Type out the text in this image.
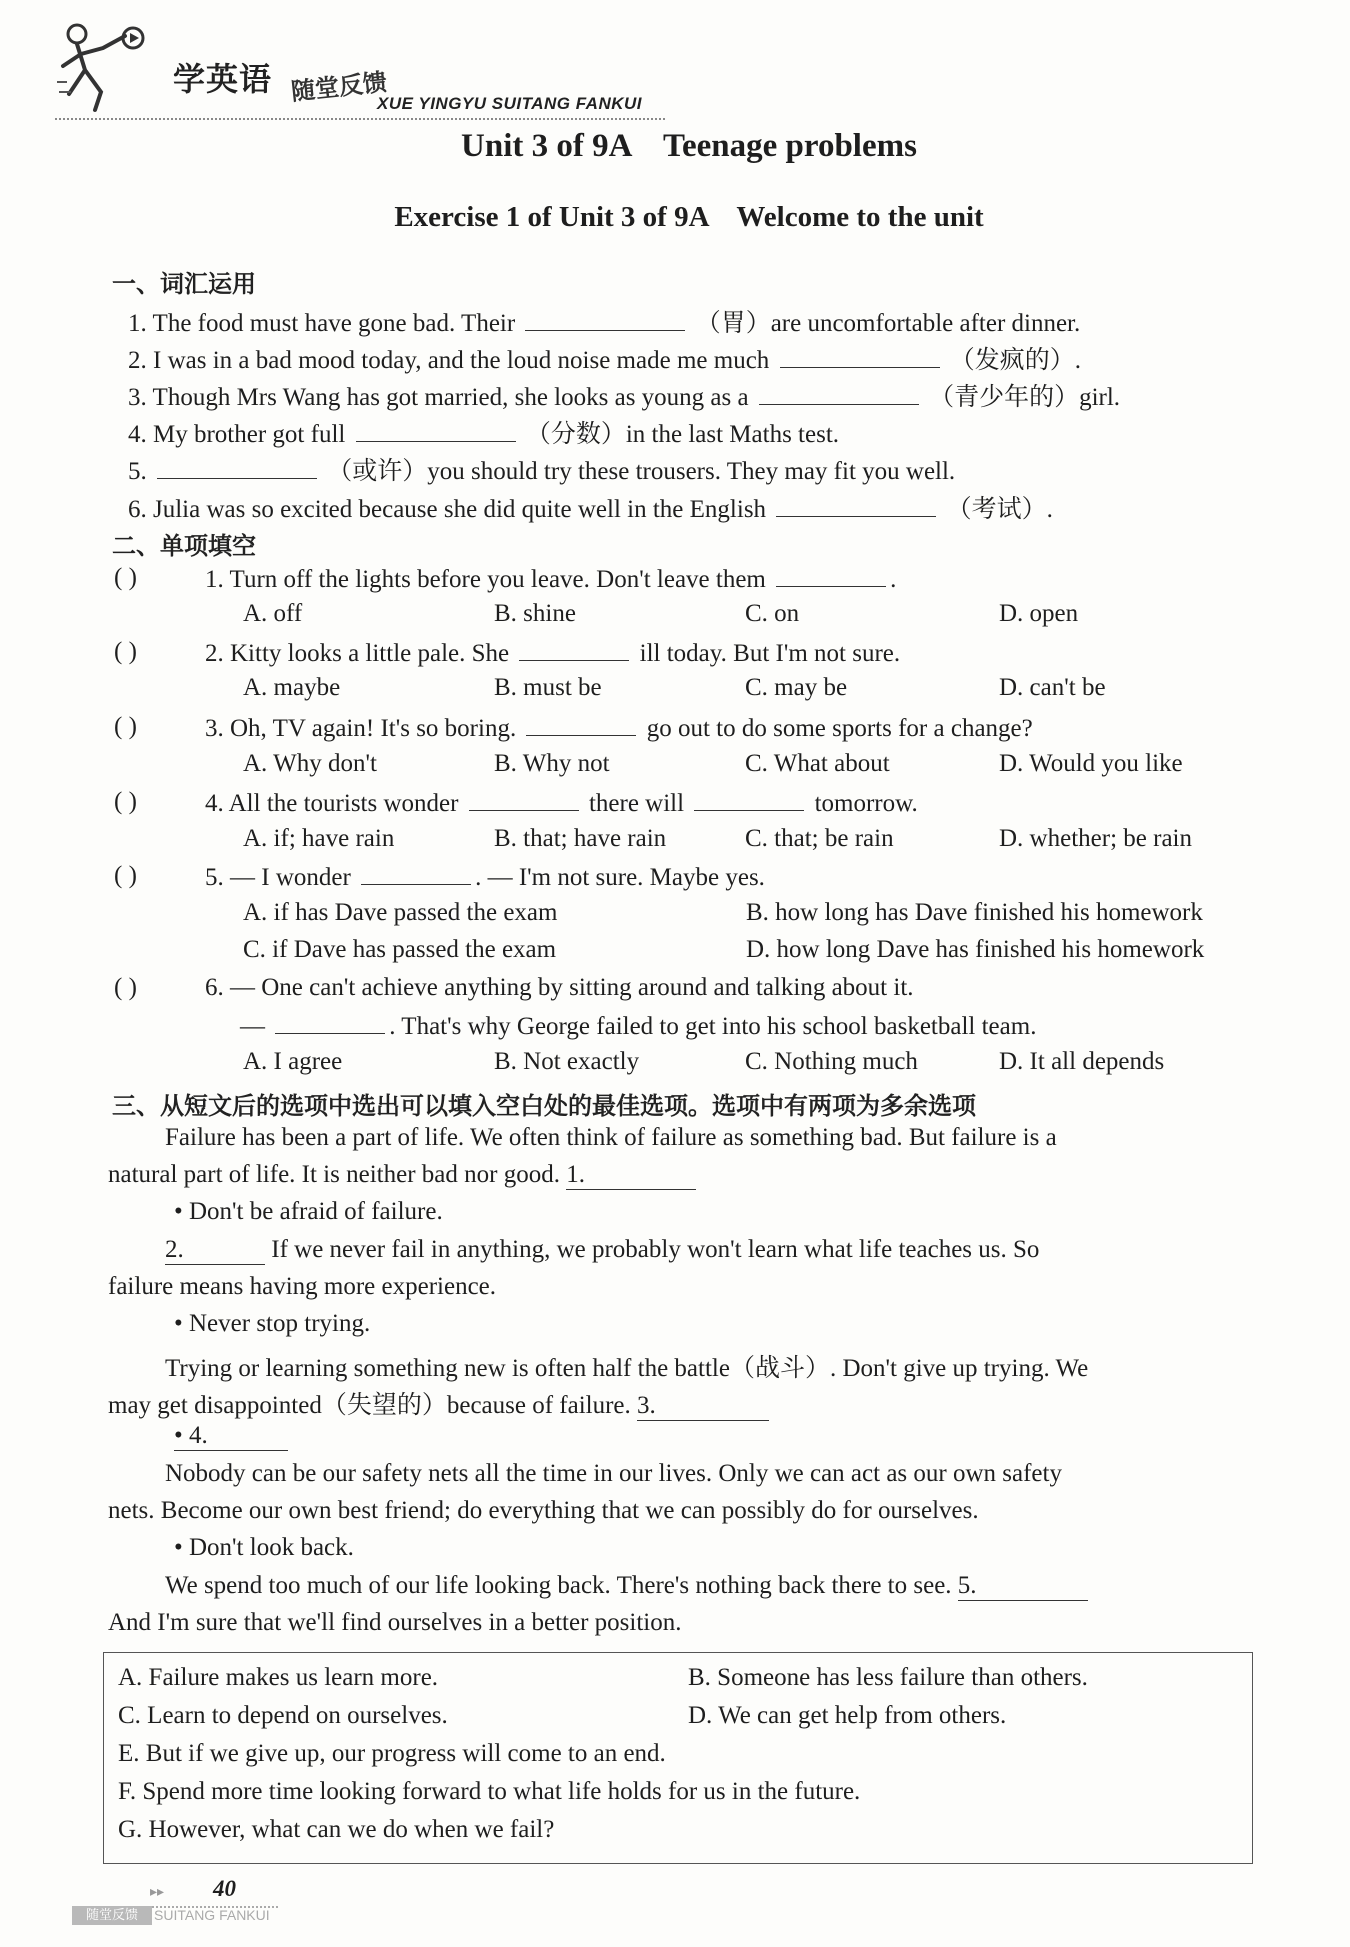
学英语 随堂反馈
XUE YINGYU SUITANG FANKUI
Unit 3 of 9A    Teenage problems
Exercise 1 of Unit 3 of 9A    Welcome to the unit
一、词汇运用
1. The food must have gone bad. Their	（胃）are uncomfortable after dinner.
2. I was in a bad mood today, and the loud noise made me much	（发疯的）.
3. Though Mrs Wang has got married, she looks as young as a	（青少年的）girl.
4. My brother got full	（分数）in the last Maths test.
5.	（或许）you should try these trousers. They may fit you well.
6. Julia was so excited because she did quite well in the English	（考试）.
二、单项填空
( )	1. Turn off the lights before you leave. Don't leave them	.
A. off	B. shine	C. on	D. open
( )	2. Kitty looks a little pale. She	ill today. But I'm not sure.
A. maybe	B. must be	C. may be	D. can't be
( )	3. Oh, TV again! It's so boring.	go out to do some sports for a change?
A. Why don't	B. Why not	C. What about	D. Would you like
( )	4. All the tourists wonder	there will	tomorrow.
A. if; have rain	B. that; have rain	C. that; be rain	D. whether; be rain
( )	5. — I wonder	. — I'm not sure. Maybe yes.
A. if has Dave passed the exam	B. how long has Dave finished his homework
C. if Dave has passed the exam	D. how long Dave has finished his homework
( )	6. — One can't achieve anything by sitting around and talking about it.
—	. That's why George failed to get into his school basketball team.
A. I agree	B. Not exactly	C. Nothing much	D. It all depends
三、从短文后的选项中选出可以填入空白处的最佳选项。选项中有两项为多余选项
Failure has been a part of life. We often think of failure as something bad. But failure is a
natural part of life. It is neither bad nor good. 1.
• Don't be afraid of failure.
2.	If we never fail in anything, we probably won't learn what life teaches us. So
failure means having more experience.
• Never stop trying.
Trying or learning something new is often half the battle（战斗）. Don't give up trying. We
may get disappointed（失望的）because of failure. 3.
• 4.
Nobody can be our safety nets all the time in our lives. Only we can act as our own safety
nets. Become our own best friend; do everything that we can possibly do for ourselves.
• Don't look back.
We spend too much of our life looking back. There's nothing back there to see. 5.
And I'm sure that we'll find ourselves in a better position.
A. Failure makes us learn more.	B. Someone has less failure than others.
C. Learn to depend on ourselves.	D. We can get help from others.
E. But if we give up, our progress will come to an end.
F. Spend more time looking forward to what life holds for us in the future.
G. However, what can we do when we fail?
▸▸ 40
随堂反馈	SUITANG FANKUI
